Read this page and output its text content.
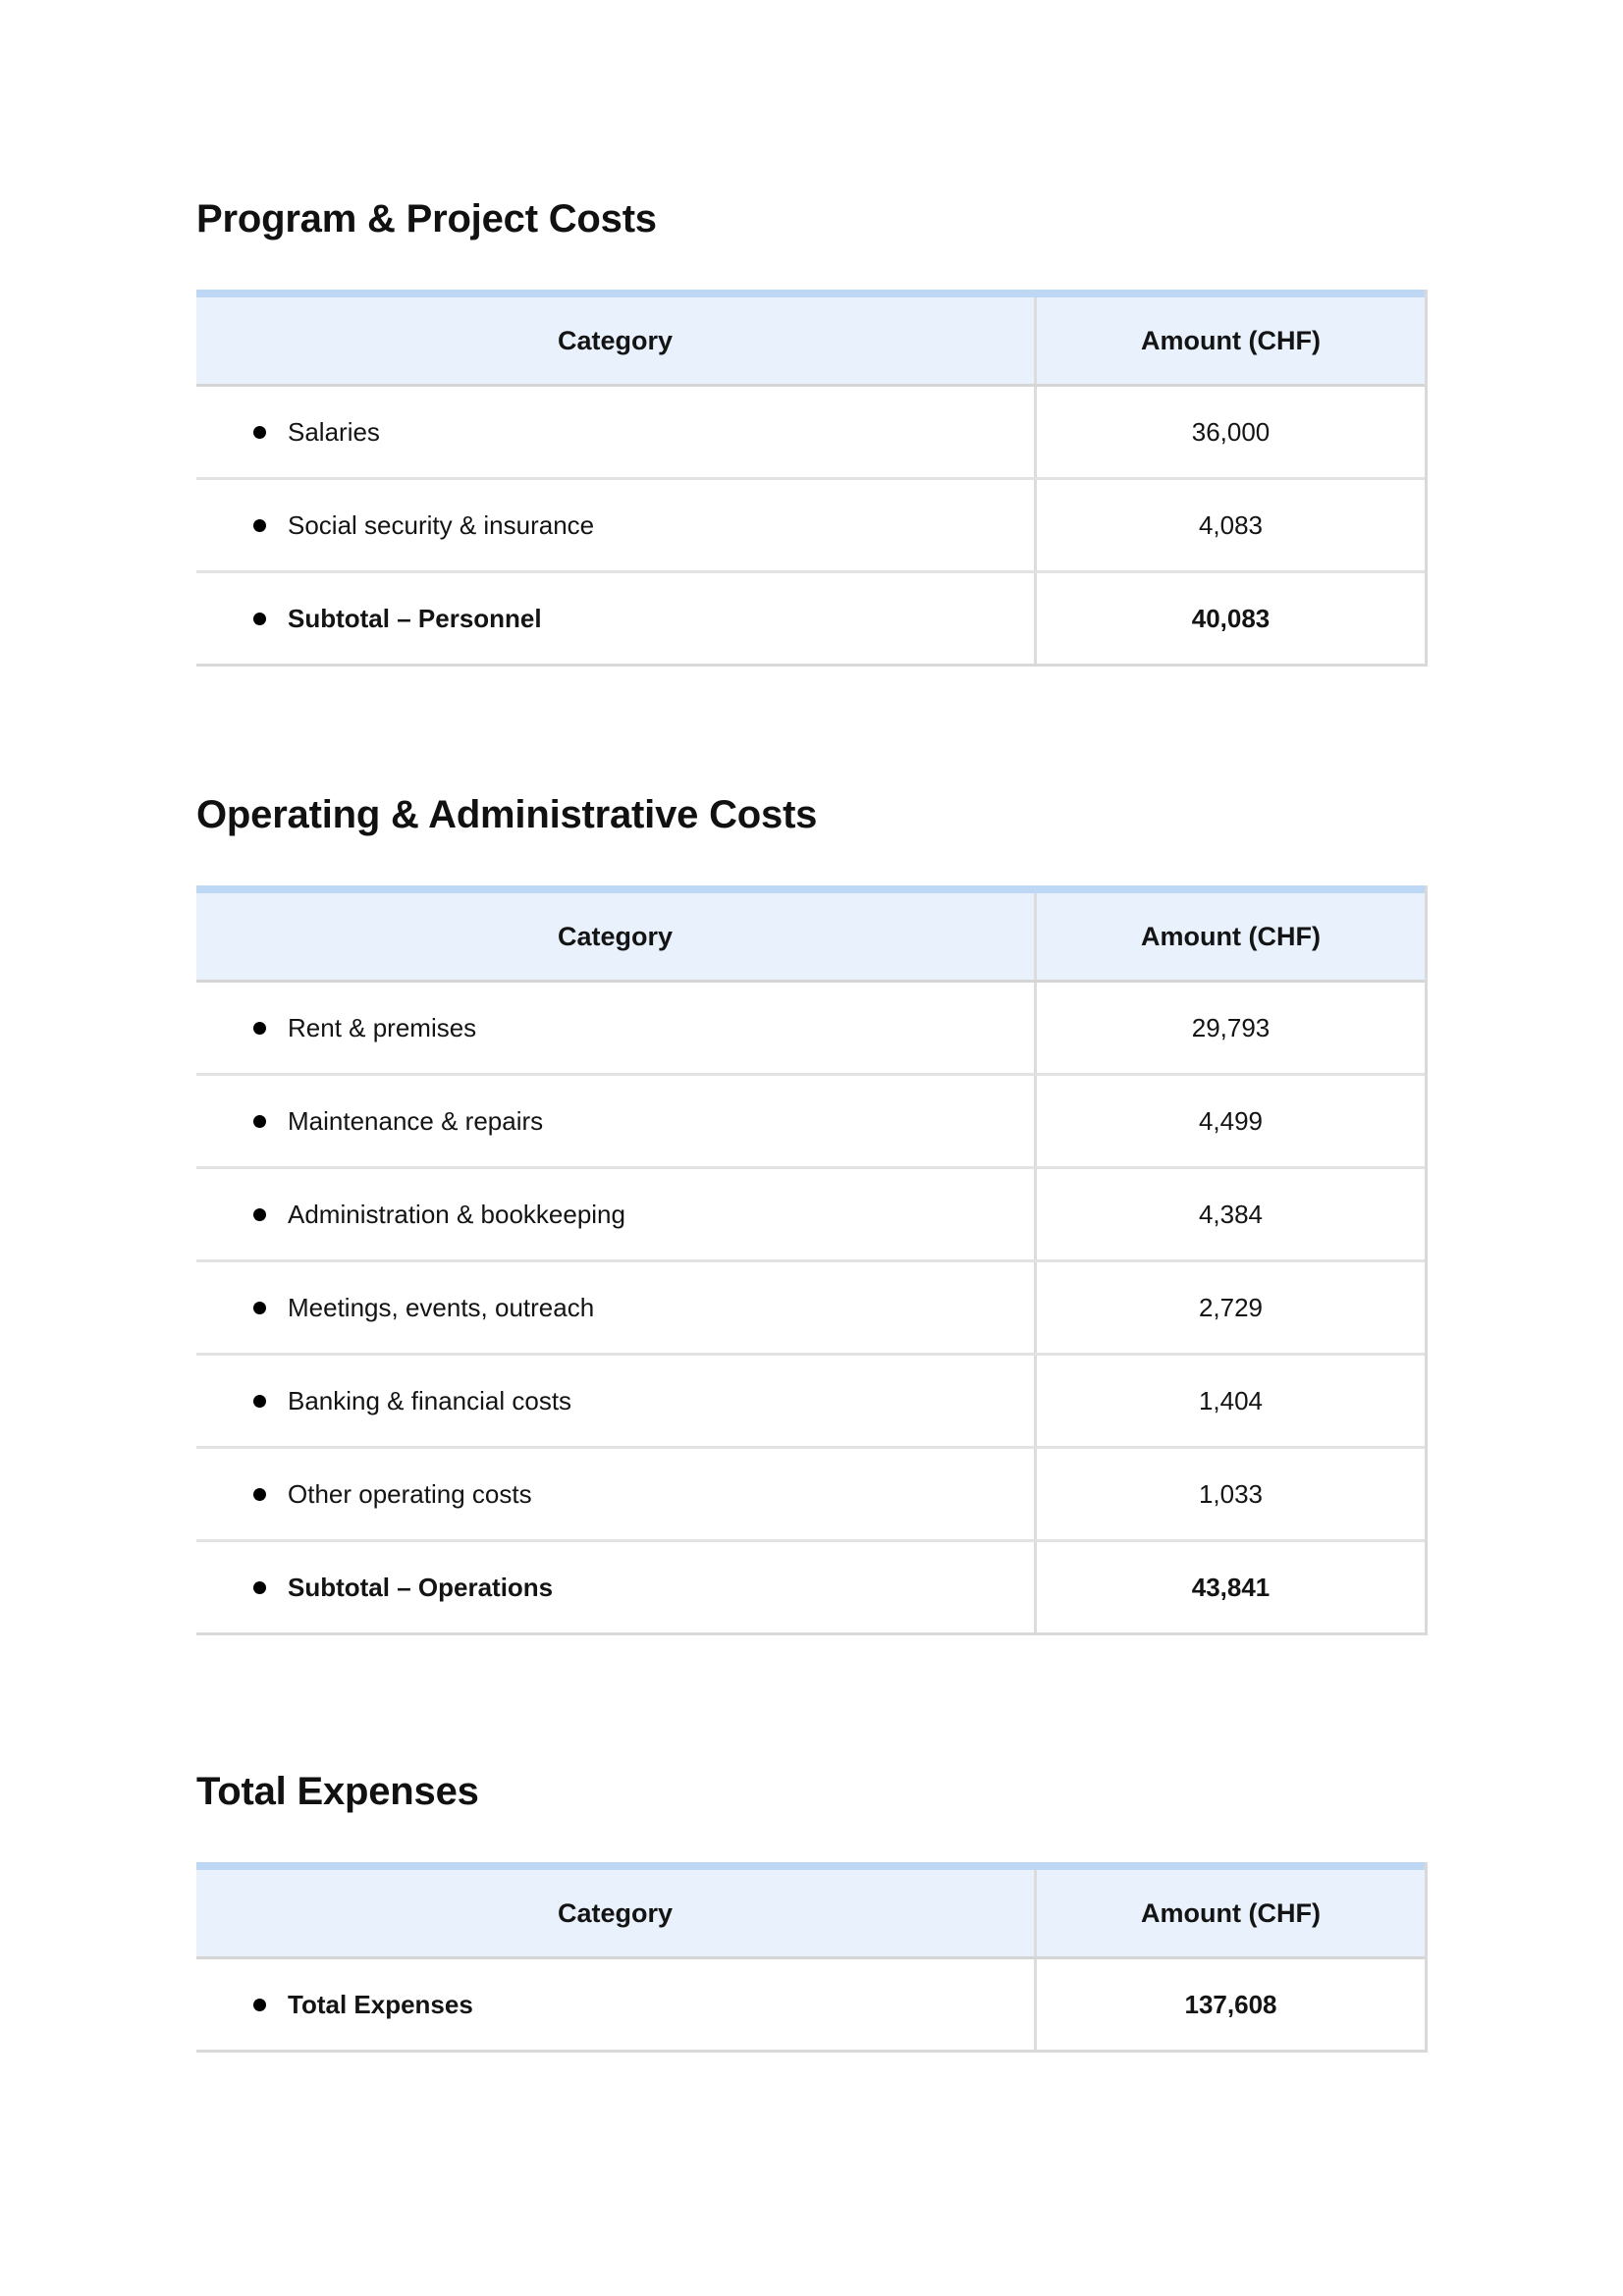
Program & Project Costs
Category	Amount (CHF)
Salaries	36,000
Social security & insurance	4,083
Subtotal – Personnel	40,083
Operating & Administrative Costs
Category	Amount (CHF)
Rent & premises	29,793
Maintenance & repairs	4,499
Administration & bookkeeping	4,384
Meetings, events, outreach	2,729
Banking & financial costs	1,404
Other operating costs	1,033
Subtotal – Operations	43,841
Total Expenses
Category	Amount (CHF)
Total Expenses	137,608
